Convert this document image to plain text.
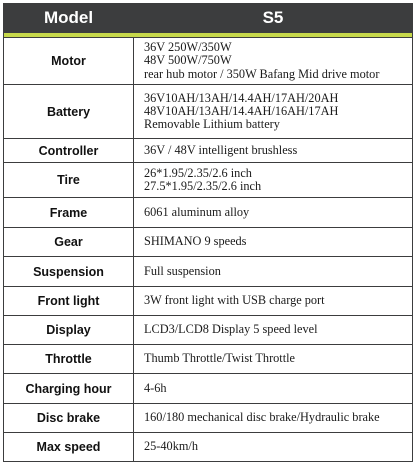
Model	S5

Motor	36V 250W/350W
48V 500W/750W
rear hub motor / 350W Bafang Mid drive motor

Battery	36V10AH/13AH/14.4AH/17AH/20AH
48V10AH/13AH/14.4AH/16AH/17AH
Removable Lithium battery

Controller	36V / 48V intelligent brushless

Tire	26*1.95/2.35/2.6 inch
27.5*1.95/2.35/2.6 inch

Frame	6061 aluminum alloy

Gear	SHIMANO 9 speeds

Suspension	Full suspension

Front light	3W front light with USB charge port

Display	LCD3/LCD8 Display 5 speed level

Throttle	Thumb Throttle/Twist Throttle

Charging hour	4-6h

Disc brake	160/180 mechanical disc brake/Hydraulic brake

Max speed	25-40km/h
